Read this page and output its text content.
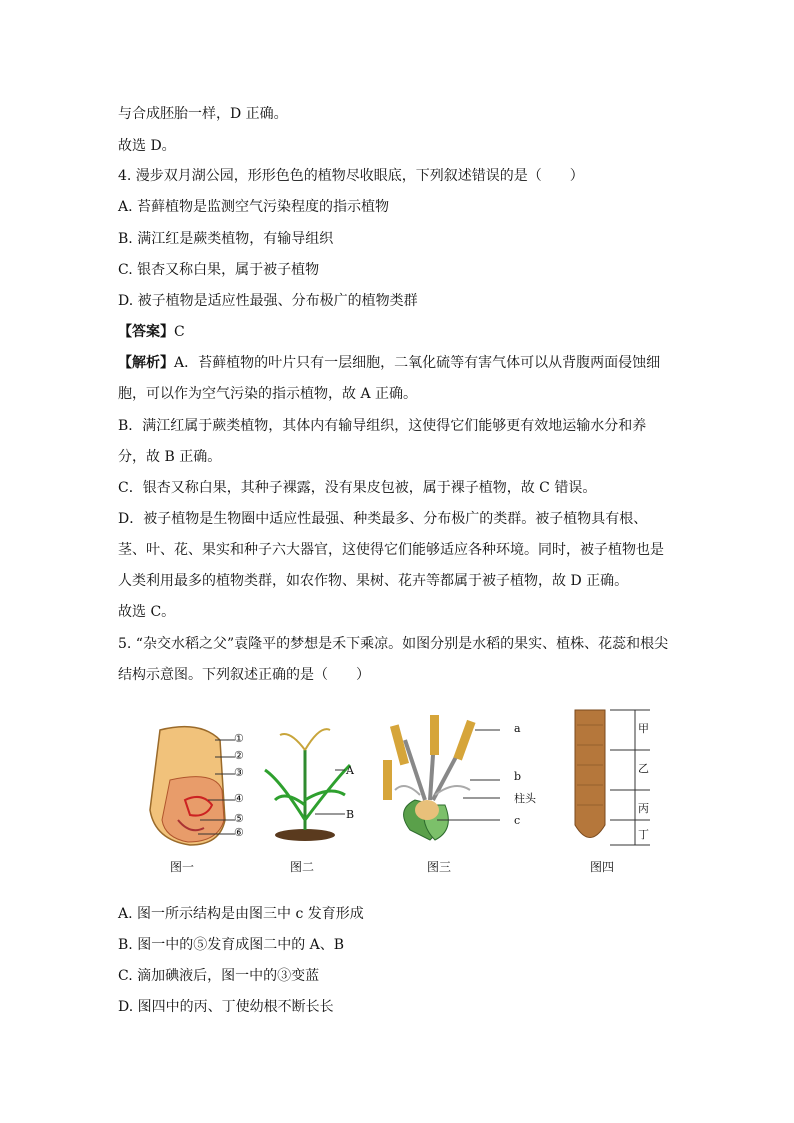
与合成胚胎一样，D 正确。
故选 D。
4. 漫步双月湖公园，形形色色的植物尽收眼底，下列叙述错误的是（　　）
A. 苔藓植物是监测空气污染程度的指示植物
B. 满江红是蕨类植物，有输导组织
C. 银杏又称白果，属于被子植物
D. 被子植物是适应性最强、分布极广的植物类群
【答案】C
【解析】A．苔藓植物的叶片只有一层细胞，二氧化硫等有害气体可以从背腹两面侵蚀细
胞，可以作为空气污染的指示植物，故 A 正确。
B．满江红属于蕨类植物，其体内有输导组织，这使得它们能够更有效地运输水分和养
分，故 B 正确。
C．银杏又称白果，其种子裸露，没有果皮包被，属于裸子植物，故 C 错误。
D．被子植物是生物圈中适应性最强、种类最多、分布极广的类群。被子植物具有根、
茎、叶、花、果实和种子六大器官，这使得它们能够适应各种环境。同时，被子植物也是
人类利用最多的植物类群，如农作物、果树、花卉等都属于被子植物，故 D 正确。
故选 C。
5. “杂交水稻之父”袁隆平的梦想是禾下乘凉。如图分别是水稻的果实、植株、花蕊和根尖
结构示意图。下列叙述正确的是（　　）
①
②
③
④
⑤
⑥
图一
A
B
图二
a
b
柱头
c
图三
甲
乙
丙
丁
图四
A. 图一所示结构是由图三中 c 发育形成
B. 图一中的⑤发育成图二中的 A、B
C. 滴加碘液后，图一中的③变蓝
D. 图四中的丙、丁使幼根不断长长
